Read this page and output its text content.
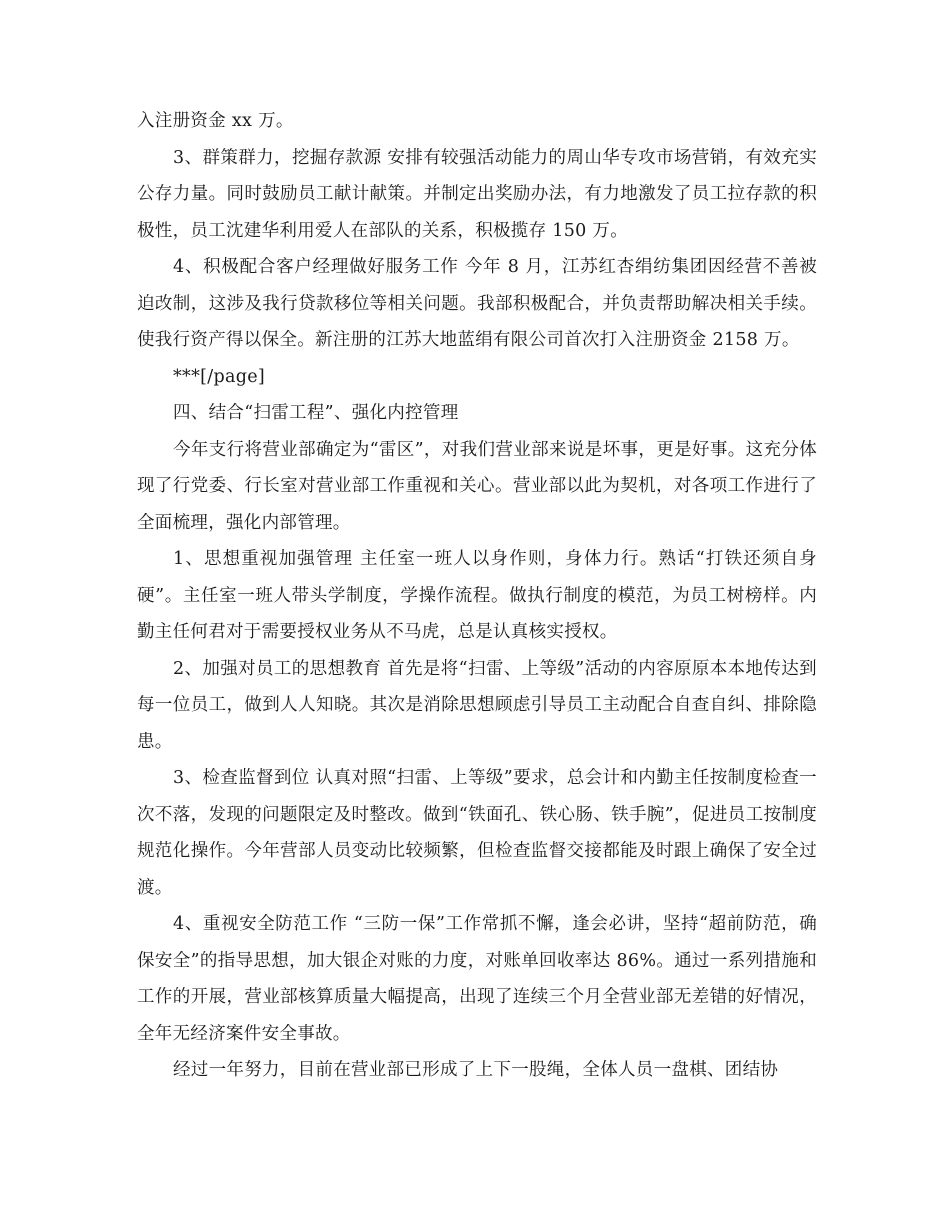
入注册资金 xx 万。

3、群策群力，挖掘存款源 安排有较强活动能力的周山华专攻市场营销，有效充实公存力量。同时鼓励员工献计献策。并制定出奖励办法，有力地激发了员工拉存款的积极性，员工沈建华利用爱人在部队的关系，积极揽存 150 万。

4、积极配合客户经理做好服务工作 今年 8 月，江苏红杏绢纺集团因经营不善被迫改制，这涉及我行贷款移位等相关问题。我部积极配合，并负责帮助解决相关手续。使我行资产得以保全。新注册的江苏大地蓝绢有限公司首次打入注册资金 2158 万。

***[/page]

四、结合“扫雷工程”、强化内控管理

今年支行将营业部确定为“雷区”，对我们营业部来说是坏事，更是好事。这充分体现了行党委、行长室对营业部工作重视和关心。营业部以此为契机，对各项工作进行了全面梳理，强化内部管理。

1、思想重视加强管理 主任室一班人以身作则，身体力行。熟话“打铁还须自身硬”。主任室一班人带头学制度，学操作流程。做执行制度的模范，为员工树榜样。内勤主任何君对于需要授权业务从不马虎，总是认真核实授权。

2、加强对员工的思想教育 首先是将“扫雷、上等级”活动的内容原原本本地传达到每一位员工，做到人人知晓。其次是消除思想顾虑引导员工主动配合自查自纠、排除隐患。

3、检查监督到位 认真对照“扫雷、上等级”要求，总会计和内勤主任按制度检查一次不落，发现的问题限定及时整改。做到“铁面孔、铁心肠、铁手腕”，促进员工按制度规范化操作。今年营部人员变动比较频繁，但检查监督交接都能及时跟上确保了安全过渡。

4、重视安全防范工作 “三防一保”工作常抓不懈，逢会必讲，坚持“超前防范，确保安全”的指导思想，加大银企对账的力度，对账单回收率达 86%。通过一系列措施和工作的开展，营业部核算质量大幅提高，出现了连续三个月全营业部无差错的好情况，全年无经济案件安全事故。

经过一年努力，目前在营业部已形成了上下一股绳，全体人员一盘棋、团结协
